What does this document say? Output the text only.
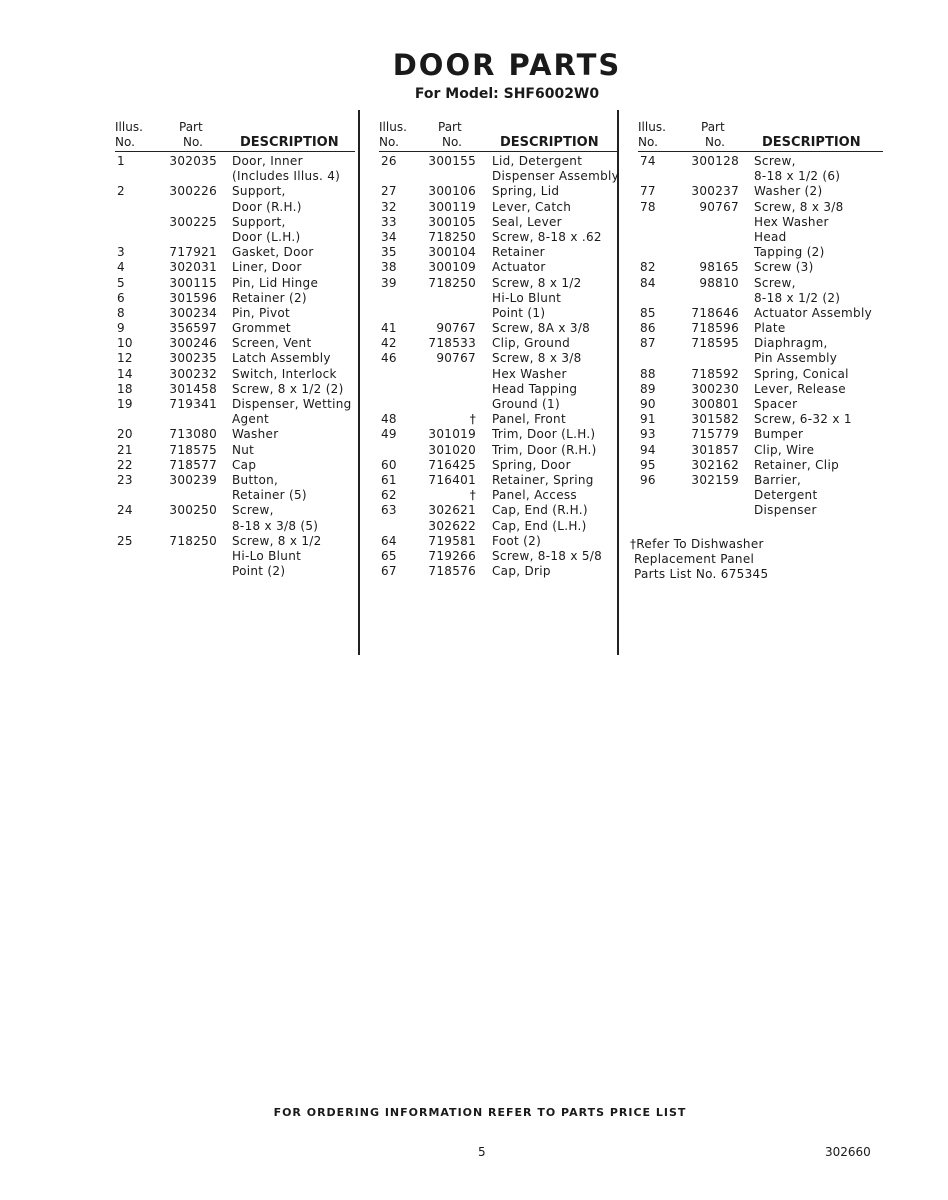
DOOR PARTS
For Model: SHF6002W0
Illus.
No.
Part
No.	DESCRIPTION
1	302035 Door, Inner
(Includes Illus. 4)
2	300226 Support,
Door (R.H.)
300225 Support,
Door (L.H.)
3	717921 Gasket, Door
4	302031 Liner, Door
5	300115 Pin, Lid Hinge
6	301596 Retainer (2)
8	300234 Pin, Pivot
9	356597 Grommet
10	300246 Screen, Vent
12	300235 Latch Assembly
14	300232 Switch, Interlock
18	301458 Screw, 8 x 1/2 (2)
19	719341 Dispenser, Wetting
Agent
20	713080 Washer
21	718575 Nut
22	718577 Cap
23	300239 Button,
Retainer (5)
24	300250 Screw,
8-18 x 3/8 (5)
25	718250 Screw, 8 x 1/2
Hi-Lo Blunt
Point (2)
Illus.
No.
Part
No.	DESCRIPTION
26	300155 Lid, Detergent
Dispenser Assembly
27	300106 Spring, Lid
32	300119 Lever, Catch
33	300105 Seal, Lever
34	718250 Screw, 8-18 x .62
35	300104 Retainer
38	300109 Actuator
39	718250 Screw, 8 x 1/2
Hi-Lo Blunt
Point (1)
41	90767 Screw, 8A x 3/8
42	718533 Clip, Ground
46	90767 Screw, 8 x 3/8
Hex Washer
Head Tapping
Ground (1)
48	† Panel, Front
49	301019 Trim, Door (L.H.)
301020 Trim, Door (R.H.)
60	716425 Spring, Door
61	716401 Retainer, Spring
62	† Panel, Access
63	302621 Cap, End (R.H.)
302622 Cap, End (L.H.)
64	719581 Foot (2)
65	719266 Screw, 8-18 x 5/8
67	718576 Cap, Drip
Illus.
No.
Part
No.	DESCRIPTION
74	300128 Screw,
8-18 x 1/2 (6)
77	300237 Washer (2)
78	90767 Screw, 8 x 3/8
Hex Washer
Head
Tapping (2)
82	98165 Screw (3)
84	98810 Screw,
8-18 x 1/2 (2)
85	718646 Actuator Assembly
86	718596 Plate
87	718595 Diaphragm,
Pin Assembly
88	718592 Spring, Conical
89	300230 Lever, Release
90	300801 Spacer
91	301582 Screw, 6-32 x 1
93	715779 Bumper
94	301857 Clip, Wire
95	302162 Retainer, Clip
96	302159 Barrier,
Detergent
Dispenser
†Refer To Dishwasher
Replacement Panel
Parts List No. 675345
FOR ORDERING INFORMATION REFER TO PARTS PRICE LIST
5	302660
